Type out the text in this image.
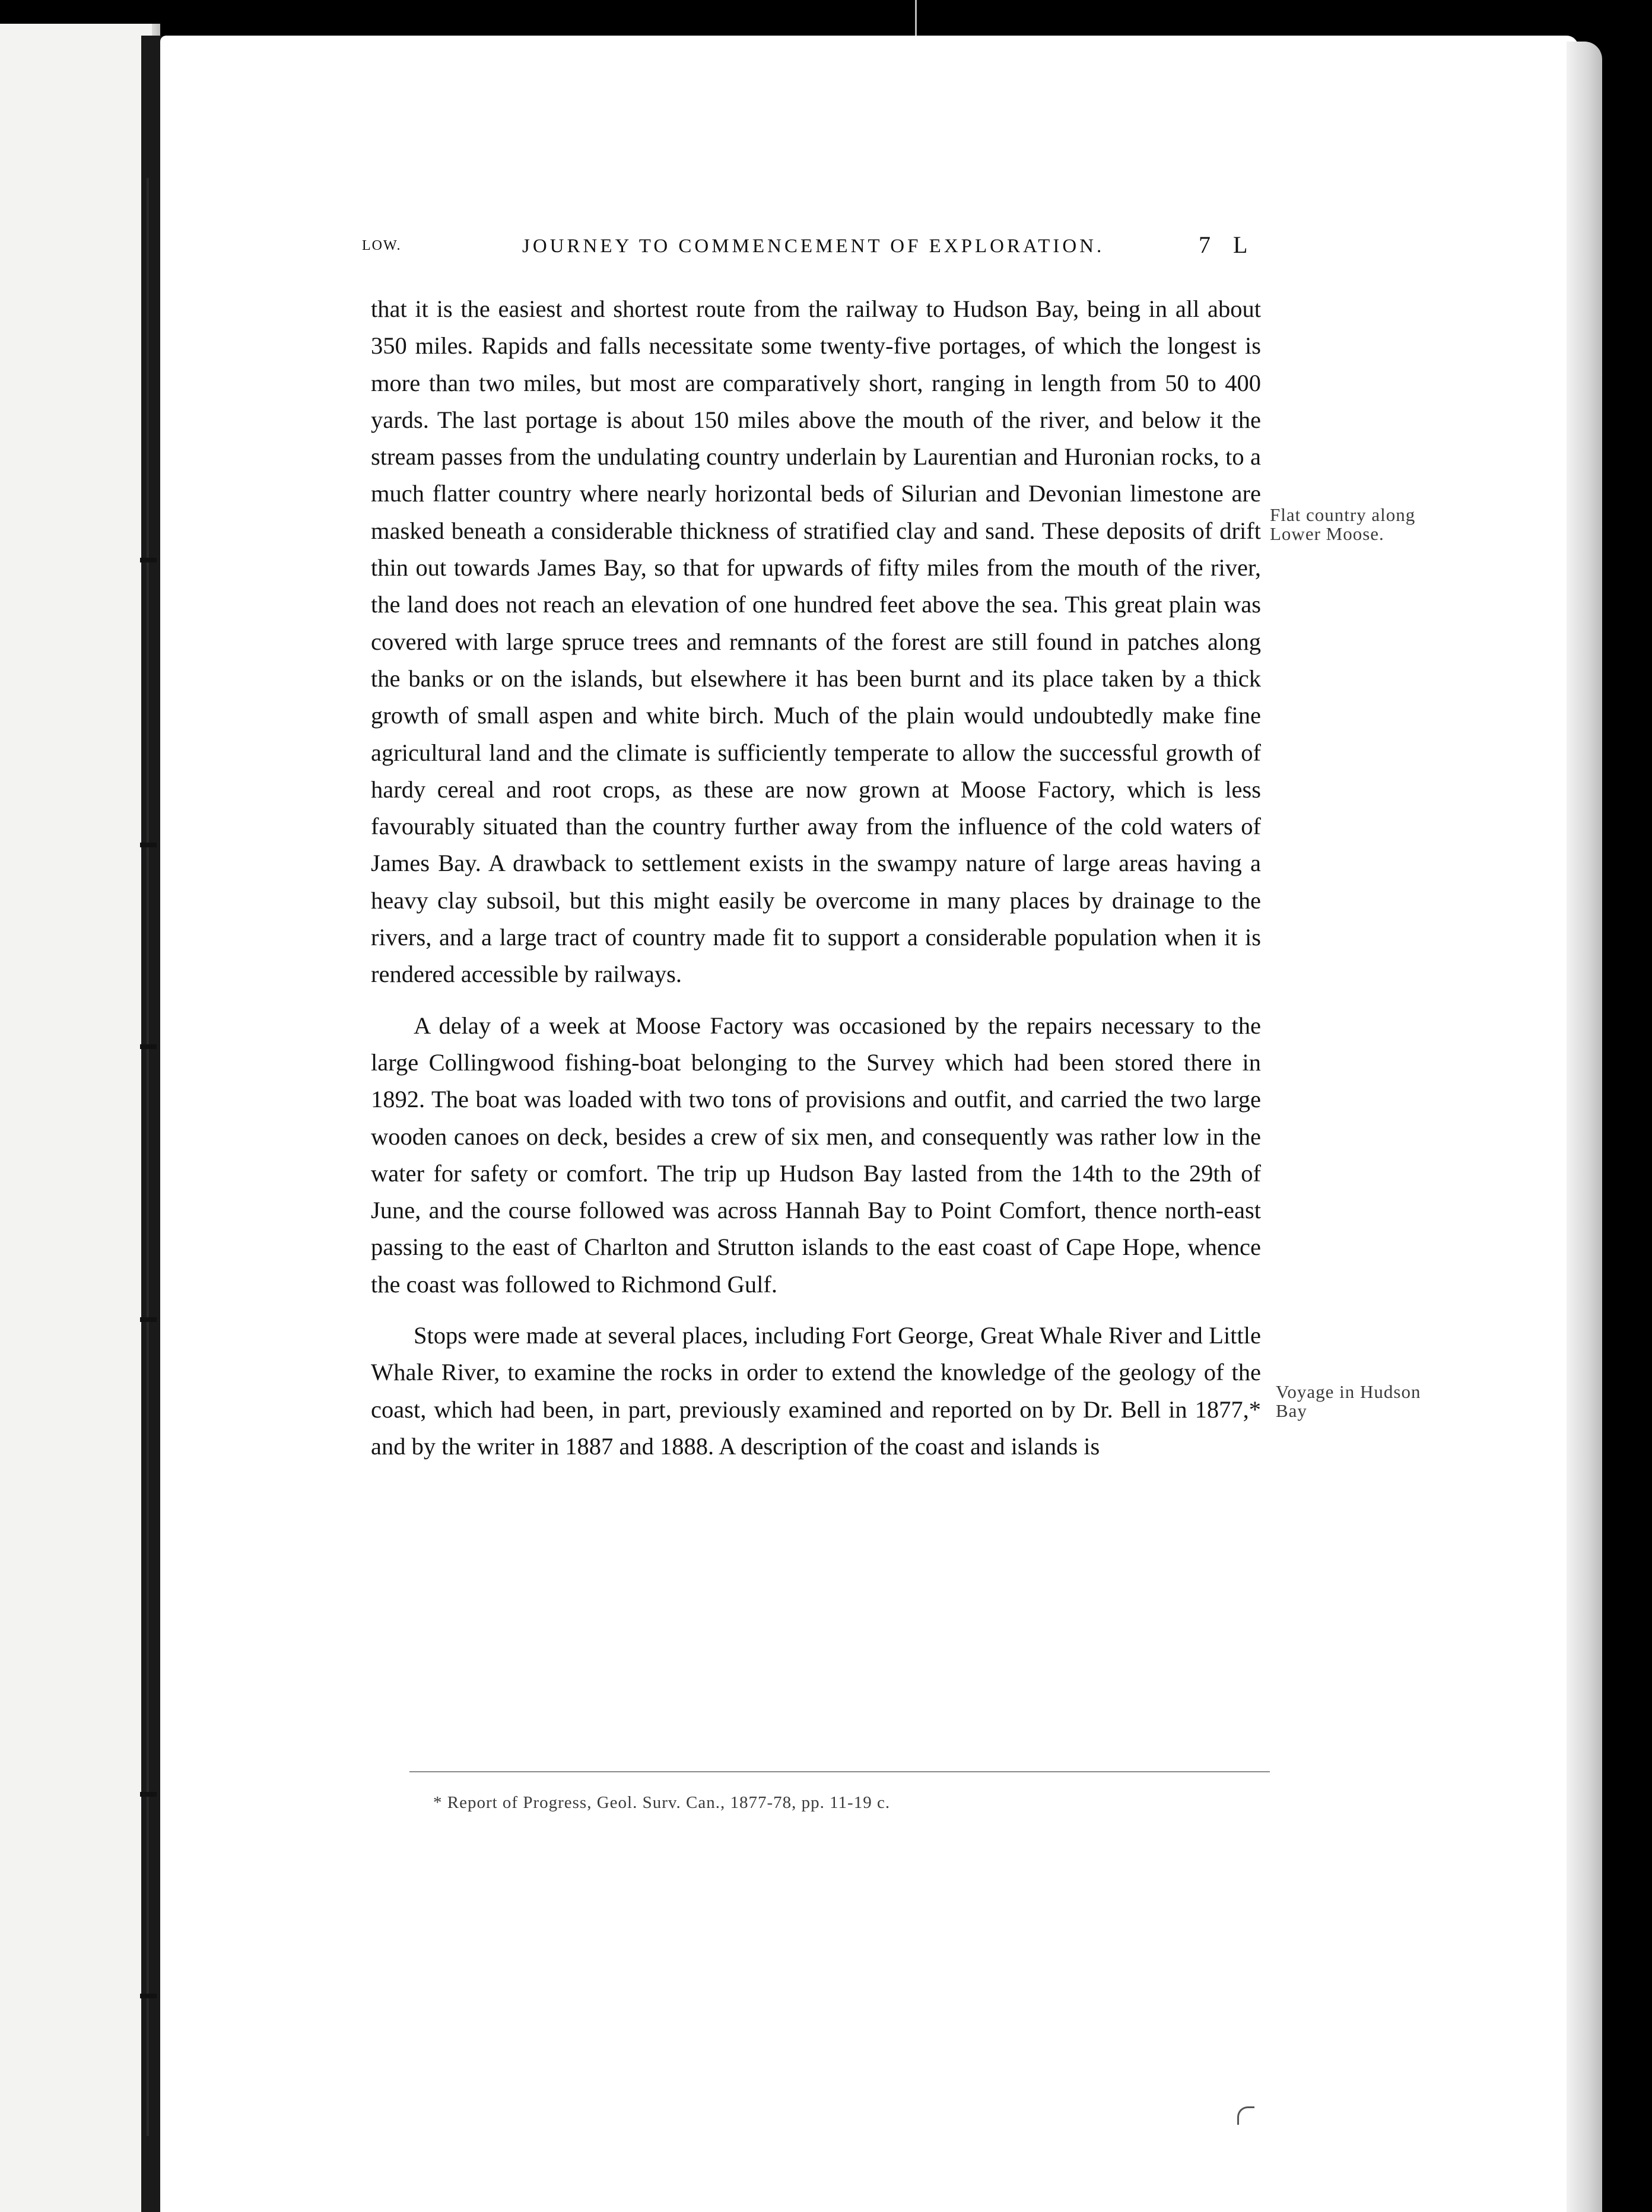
LOW.	JOURNEY TO COMMENCEMENT OF EXPLORATION.	7 L

that it is the easiest and shortest route from the railway to Hudson Bay, being in all about 350 miles. Rapids and falls necessitate some twenty-five portages, of which the longest is more than two miles, but most are comparatively short, ranging in length from 50 to 400 yards. The last portage is about 150 miles above the mouth of the river, and below it the stream passes from the undulating country underlain by Laurentian and Huronian rocks, to a much flatter country where nearly horizontal beds of Silurian and Devonian limestone are masked beneath a considerable thickness of stratified clay and sand. These deposits of drift thin out towards James Bay, so that for upwards of fifty miles from the mouth of the river, the land does not reach an elevation of one hundred feet above the sea. This great plain was covered with large spruce trees and remnants of the forest are still found in patches along the banks or on the islands, but elsewhere it has been burnt and its place taken by a thick growth of small aspen and white birch. Much of the plain would undoubtedly make fine agricultural land and the climate is sufficiently temperate to allow the successful growth of hardy cereal and root crops, as these are now grown at Moose Factory, which is less favourably situated than the country further away from the influence of the cold waters of James Bay. A drawback to settlement exists in the swampy nature of large areas having a heavy clay subsoil, but this might easily be overcome in many places by drainage to the rivers, and a large tract of country made fit to support a considerable population when it is rendered accessible by railways.

A delay of a week at Moose Factory was occasioned by the repairs necessary to the large Collingwood fishing-boat belonging to the Survey which had been stored there in 1892. The boat was loaded with two tons of provisions and outfit, and carried the two large wooden canoes on deck, besides a crew of six men, and consequently was rather low in the water for safety or comfort. The trip up Hudson Bay lasted from the 14th to the 29th of June, and the course followed was across Hannah Bay to Point Comfort, thence north-east passing to the east of Charlton and Strutton islands to the east coast of Cape Hope, whence the coast was followed to Richmond Gulf.

Stops were made at several places, including Fort George, Great Whale River and Little Whale River, to examine the rocks in order to extend the knowledge of the geology of the coast, which had been, in part, previously examined and reported on by Dr. Bell in 1877,* and by the writer in 1887 and 1888. A description of the coast and islands is

Flat country along Lower Moose.
Voyage in Hudson Bay
* Report of Progress, Geol. Surv. Can., 1877-78, pp. 11-19 c.
